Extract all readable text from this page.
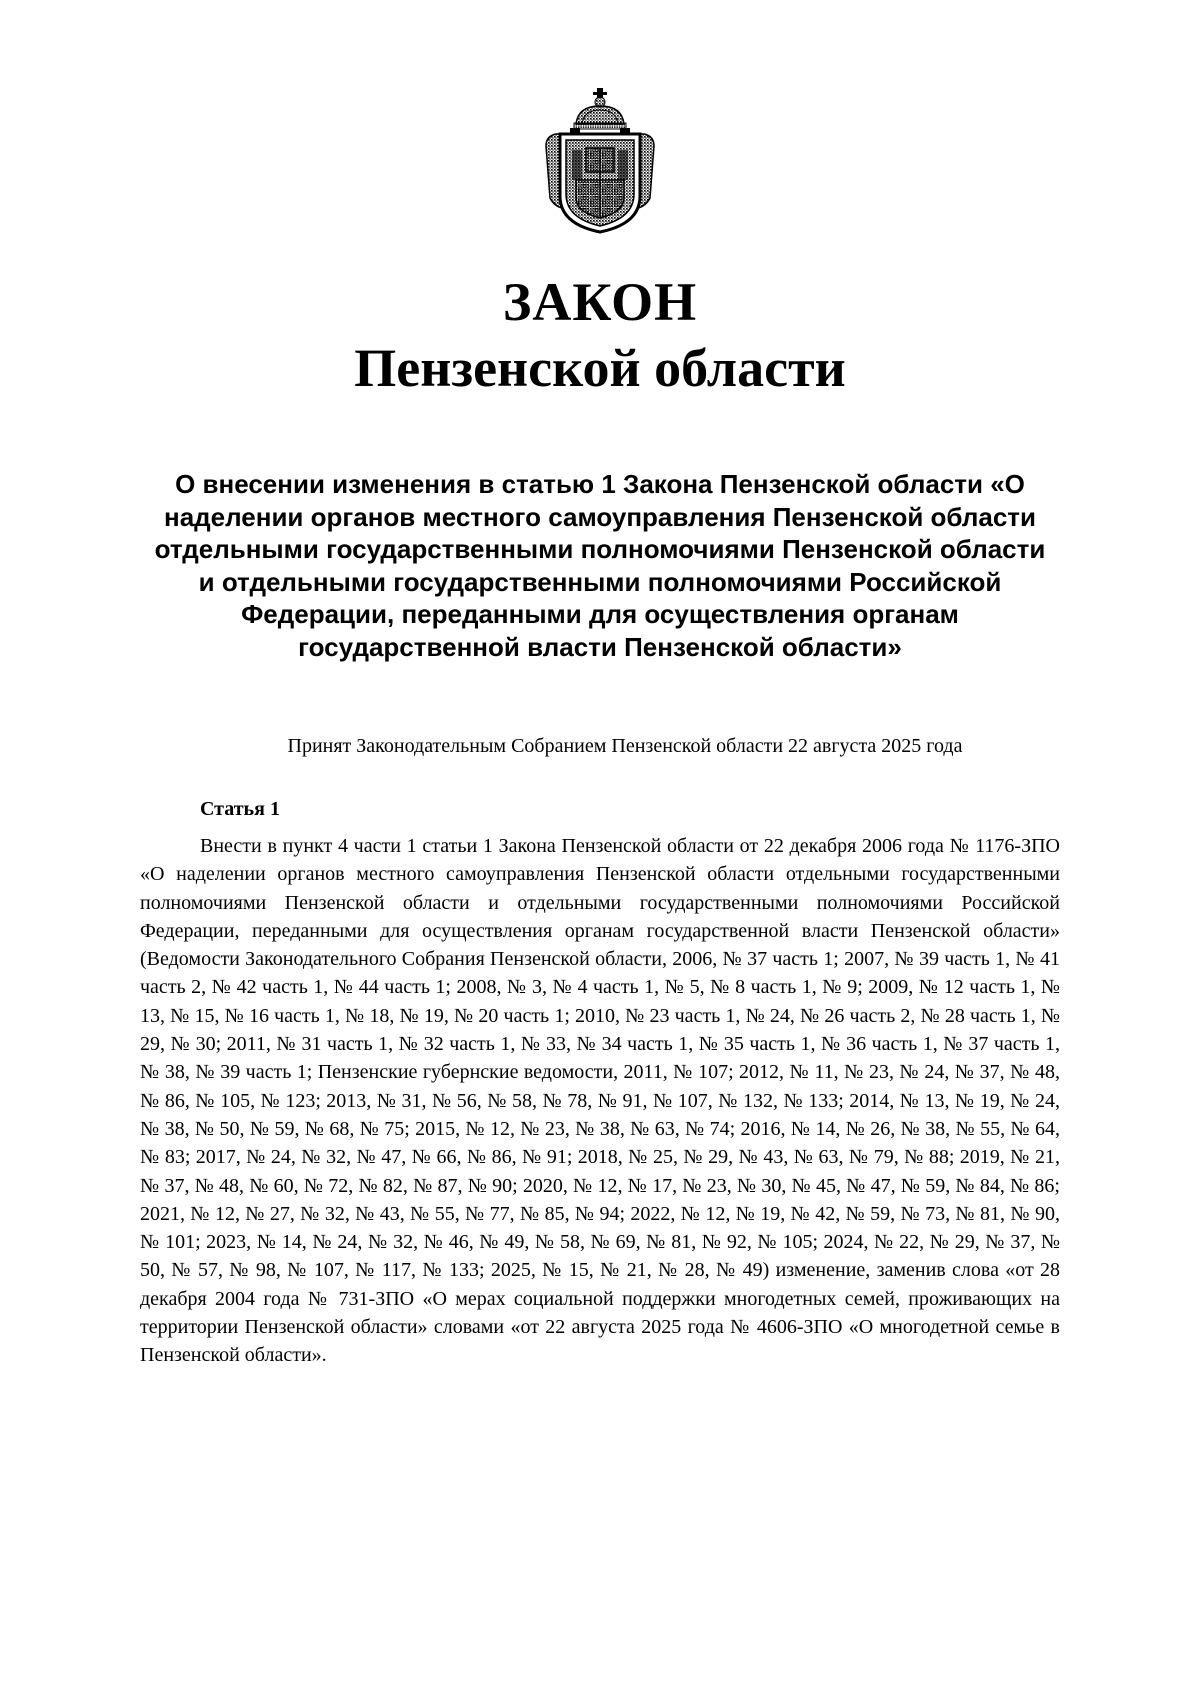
ЗАКОН
Пензенской области
О внесении изменения в статью 1 Закона Пензенской области «О наделении органов местного самоуправления Пензенской области отдельными государственными полномочиями Пензенской области и отдельными государственными полномочиями Российской Федерации, переданными для осуществления органам государственной власти Пензенской области»

Принят Законодательным Собранием Пензенской области 22 августа 2025 года

Статья 1

Внести в пункт 4 части 1 статьи 1 Закона Пензенской области от 22 декабря 2006 года № 1176-ЗПО «О наделении органов местного самоуправления Пензенской области отдельными государственными полномочиями Пензенской области и отдельными государственными полномочиями Российской Федерации, переданными для осуществления органам государственной власти Пензенской области» (Ведомости Законодательного Собрания Пензенской области, 2006, № 37 часть 1; 2007, № 39 часть 1, № 41 часть 2, № 42 часть 1, № 44 часть 1; 2008, № 3, № 4 часть 1, № 5, № 8 часть 1, № 9; 2009, № 12 часть 1, № 13, № 15, № 16 часть 1, № 18, № 19, № 20 часть 1; 2010, № 23 часть 1, № 24, № 26 часть 2, № 28 часть 1, № 29, № 30; 2011, № 31 часть 1, № 32 часть 1, № 33, № 34 часть 1, № 35 часть 1, № 36 часть 1, № 37 часть 1, № 38, № 39 часть 1; Пензенские губернские ведомости, 2011, № 107; 2012, № 11, № 23, № 24, № 37, № 48, № 86, № 105, № 123; 2013, № 31, № 56, № 58, № 78, № 91, № 107, № 132, № 133; 2014, № 13, № 19, № 24, № 38, № 50, № 59, № 68, № 75; 2015, № 12, № 23, № 38, № 63, № 74; 2016, № 14, № 26, № 38, № 55, № 64, № 83; 2017, № 24, № 32, № 47, № 66, № 86, № 91; 2018, № 25, № 29, № 43, № 63, № 79, № 88; 2019, № 21, № 37, № 48, № 60, № 72, № 82, № 87, № 90; 2020, № 12, № 17, № 23, № 30, № 45, № 47, № 59, № 84, № 86; 2021, № 12, № 27, № 32, № 43, № 55, № 77, № 85, № 94; 2022, № 12, № 19, № 42, № 59, № 73, № 81, № 90, № 101; 2023, № 14, № 24, № 32, № 46, № 49, № 58, № 69, № 81, № 92, № 105; 2024, № 22, № 29, № 37, № 50, № 57, № 98, № 107, № 117, № 133; 2025, № 15, № 21, № 28, № 49) изменение, заменив слова «от 28 декабря 2004 года № 731-ЗПО «О мерах социальной поддержки многодетных семей, проживающих на территории Пензенской области» словами «от 22 августа 2025 года № 4606-ЗПО «О многодетной семье в Пензенской области».
